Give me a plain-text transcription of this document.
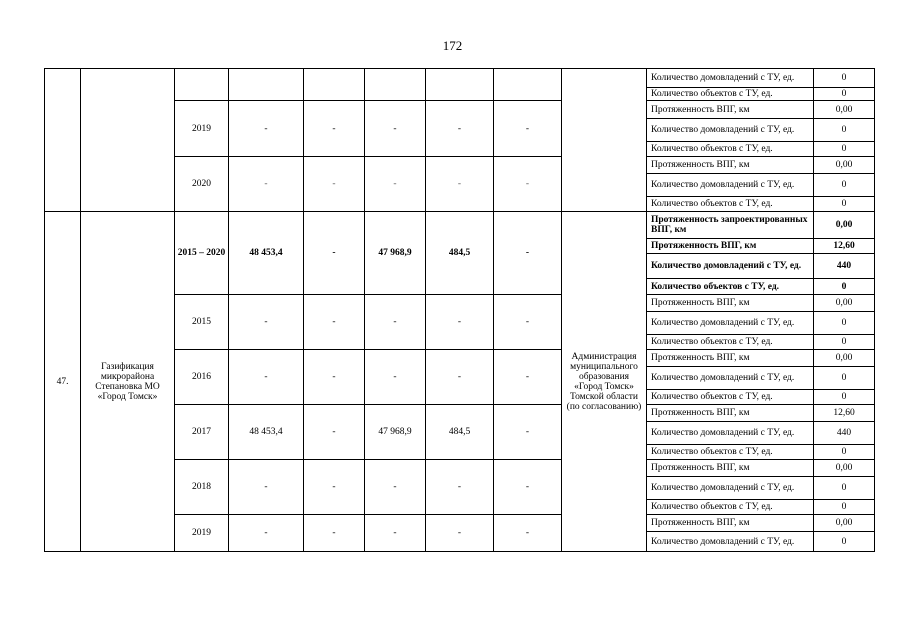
172
									Количество домовладений с ТУ, ед.	0
									Количество объектов с ТУ, ед.	0
		2019	-	-	-	-	-		Протяженность ВПГ, км	0,00
									Количество домовладений с ТУ, ед.	0
									Количество объектов с ТУ, ед.	0
		2020	-	-	-	-	-		Протяженность ВПГ, км	0,00
									Количество домовладений с ТУ, ед.	0
									Количество объектов с ТУ, ед.	0
47.	Газификация микрорайона Степановка МО «Город Томск»	2015 – 2020	48 453,4	-	47 968,9	484,5	-	Администрация муниципального образования «Город Томск» Томской области (по согласованию)	Протяженность запроектированных ВПГ, км	0,00
									Протяженность ВПГ, км	12,60
									Количество домовладений с ТУ, ед.	440
									Количество объектов с ТУ, ед.	0
		2015	-	-	-	-	-		Протяженность ВПГ, км	0,00
									Количество домовладений с ТУ, ед.	0
									Количество объектов с ТУ, ед.	0
		2016	-	-	-	-	-		Протяженность ВПГ, км	0,00
									Количество домовладений с ТУ, ед.	0
									Количество объектов с ТУ, ед.	0
		2017	48 453,4	-	47 968,9	484,5	-		Протяженность ВПГ, км	12,60
									Количество домовладений с ТУ, ед.	440
									Количество объектов с ТУ, ед.	0
		2018	-	-	-	-	-		Протяженность ВПГ, км	0,00
									Количество домовладений с ТУ, ед.	0
									Количество объектов с ТУ, ед.	0
		2019	-	-	-	-	-		Протяженность ВПГ, км	0,00
									Количество домовладений с ТУ, ед.	0
